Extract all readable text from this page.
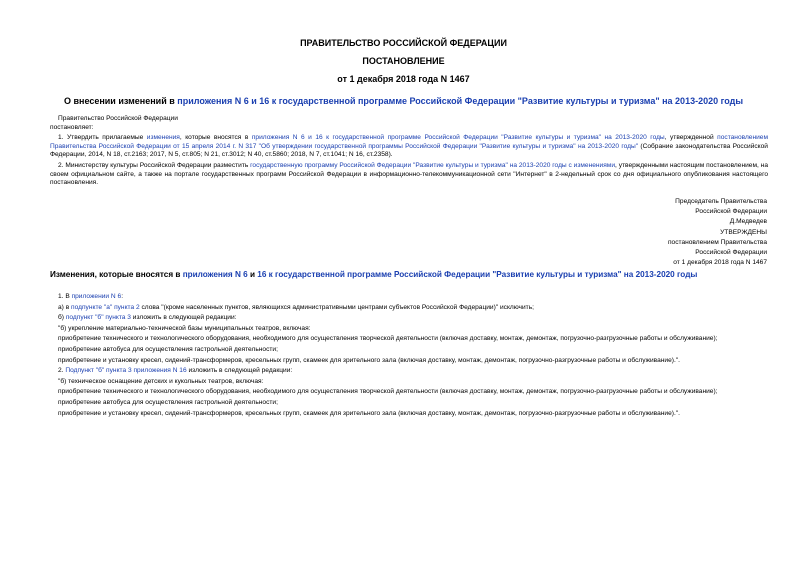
ПРАВИТЕЛЬСТВО РОССИЙСКОЙ ФЕДЕРАЦИИ
ПОСТАНОВЛЕНИЕ
от 1 декабря 2018 года N 1467
О внесении изменений в приложения N 6 и 16 к государственной программе Российской Федерации "Развитие культуры и туризма" на 2013-2020 годы

Правительство Российской Федерации

постановляет:

1. Утвердить прилагаемые изменения, которые вносятся в приложения N 6 и 16 к государственной программе Российской Федерации "Развитие культуры и туризма" на 2013-2020 годы, утвержденной постановлением Правительства Российской Федерации от 15 апреля 2014 г. N 317 "Об утверждении государственной программы Российской Федерации "Развитие культуры и туризма" на 2013-2020 годы" (Собрание законодательства Российской Федерации, 2014, N 18, ст.2163; 2017, N 5, ст.805; N 21, ст.3012; N 40, ст.5860; 2018, N 7, ст.1041; N 16, ст.2358).

2. Министерству культуры Российской Федерации разместить государственную программу Российской Федерации "Развитие культуры и туризма" на 2013-2020 годы с изменениями, утвержденными настоящим постановлением, на своем официальном сайте, а также на портале государственных программ Российской Федерации в информационно-телекоммуникационной сети "Интернет" в 2-недельный срок со дня официального опубликования настоящего постановления.

Председатель Правительства
Российской Федерации
Д.Медведев
УТВЕРЖДЕНЫ
постановлением Правительства
Российской Федерации
от 1 декабря 2018 года N 1467
Изменения, которые вносятся в приложения N 6 и 16 к государственной программе Российской Федерации "Развитие культуры и туризма" на 2013-2020 годы

1. В приложении N 6:

а) в подпункте "а" пункта 2 слова "(кроме населенных пунктов, являющихся административными центрами субъектов Российской Федерации)" исключить;

б) подпункт "б" пункта 3 изложить в следующей редакции:

"б) укрепление материально-технической базы муниципальных театров, включая:

приобретение технического и технологического оборудования, необходимого для осуществления творческой деятельности (включая доставку, монтаж, демонтаж, погрузочно-разгрузочные работы и обслуживание);

приобретение автобуса для осуществления гастрольной деятельности;

приобретение и установку кресел, сидений-трансформеров, кресельных групп, скамеек для зрительного зала (включая доставку, монтаж, демонтаж, погрузочно-разгрузочные работы и обслуживание).".

2. Подпункт "б" пункта 3 приложения N 16 изложить в следующей редакции:

"б) техническое оснащение детских и кукольных театров, включая:

приобретение технического и технологического оборудования, необходимого для осуществления творческой деятельности (включая доставку, монтаж, демонтаж, погрузочно-разгрузочные работы и обслуживание);

приобретение автобуса для осуществления гастрольной деятельности;

приобретение и установку кресел, сидений-трансформеров, кресельных групп, скамеек для зрительного зала (включая доставку, монтаж, демонтаж, погрузочно-разгрузочные работы и обслуживание).".
